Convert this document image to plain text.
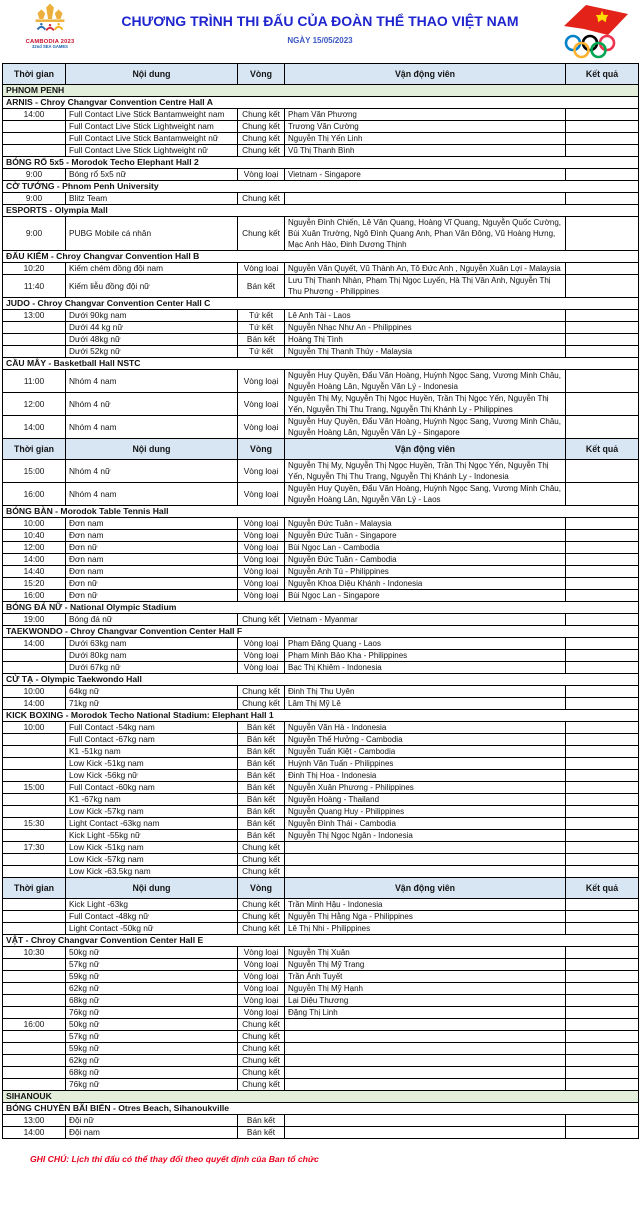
CAMBODIA 2023
32nd SEA GAMES
CHƯƠNG TRÌNH THI ĐẤU CỦA ĐOÀN THỂ THAO VIỆT NAM
NGÀY 15/05/2023
Thời gian	Nội dung	Vòng	Vận động viên	Kết quả
PHNOM PENH				
ARNIS - Chroy Changvar Convention Centre Hall A				
14:00	Full Contact Live Stick Bantamweight nam	Chung kết	Phạm Văn Phương	
	Full Contact Live Stick Lightweight nam	Chung kết	Trương Văn Cường	
	Full Contact Live Stick Bantamweight nữ	Chung kết	Nguyễn Thị Yến Linh	
	Full Contact Live Stick Lightweight nữ	Chung kết	Vũ Thị Thanh Bình	
BÓNG RỔ 5x5 - Morodok Techo Elephant Hall 2				
9:00	Bóng rổ 5x5 nữ	Vòng loại	Vietnam - Singapore	
CỜ TƯỚNG - Phnom Penh University				
9:00	Blitz Team	Chung kết		
ESPORTS - Olympia Mall				
9:00	PUBG Mobile cá nhân	Chung kết	Nguyễn Đình Chiến, Lê Văn Quang, Hoàng Vĩ Quang, Nguyễn Quốc Cường, Bùi Xuân Trường, Ngô Đình Quang Anh, Phan Văn Đông, Vũ Hoàng Hưng, Mạc Anh Hào, Đinh Dương Thịnh	
ĐẤU KIẾM - Chroy Changvar Convention Hall B				
10:20	Kiếm chém đồng đội nam	Vòng loại	Nguyễn Văn Quyết, Vũ Thành An, Tô Đức Anh , Nguyễn Xuân Lợi - Malaysia	
11:40	Kiếm liễu đồng đội nữ	Bán kết	Lưu Thị Thanh Nhàn, Phạm Thị Ngọc Luyến, Hà Thị Vân Anh, Nguyễn Thị Thu Phương - Philippines	
JUDO - Chroy Changvar Convention Center Hall C				
13:00	Dưới 90kg nam	Tứ kết	Lê Anh Tài - Laos	
	Dưới 44 kg nữ	Tứ kết	Nguyễn Nhạc Như An - Philippines	
	Dưới 48kg nữ	Bán kết	Hoàng Thị Tình	
	Dưới 52kg nữ	Tứ kết	Nguyễn Thị Thanh Thúy - Malaysia	
CẦU MÂY - Basketball Hall NSTC				
11:00	Nhóm 4 nam	Vòng loại	Nguyễn Huy Quyền, Đẩu Văn Hoàng, Huỳnh Ngọc Sang, Vương Minh Châu, Nguyễn Hoàng Lân, Nguyễn Văn Lý - Indonesia	
12:00	Nhóm 4 nữ	Vòng loại	Nguyễn Thị My, Nguyễn Thị Ngọc Huyền, Trần Thị Ngọc Yến, Nguyễn Thị Yến, Nguyễn Thị Thu Trang, Nguyễn Thị Khánh Ly - Philippines	
14:00	Nhóm 4 nam	Vòng loại	Nguyễn Huy Quyền, Đẩu Văn Hoàng, Huỳnh Ngọc Sang, Vương Minh Châu, Nguyễn Hoàng Lân, Nguyễn Văn Lý - Singapore	
Thời gian	Nội dung	Vòng	Vận động viên	Kết quả
15:00	Nhóm 4 nữ	Vòng loại	Nguyễn Thị My, Nguyễn Thị Ngọc Huyền, Trần Thị Ngọc Yến, Nguyễn Thị Yến, Nguyễn Thị Thu Trang, Nguyễn Thị Khánh Ly - Indonesia	
16:00	Nhóm 4 nam	Vòng loại	Nguyễn Huy Quyền, Đẩu Văn Hoàng, Huỳnh Ngọc Sang, Vương Minh Châu, Nguyễn Hoàng Lân, Nguyễn Văn Lý - Laos	
BÓNG BÀN - Morodok Table Tennis Hall				
10:00	Đơn nam	Vòng loại	Nguyễn Đức Tuân - Malaysia	
10:40	Đơn nam	Vòng loại	Nguyễn Đức Tuân - Singapore	
12:00	Đơn nữ	Vòng loại	Bùi Ngọc Lan - Cambodia	
14:00	Đơn nam	Vòng loại	Nguyễn Đức Tuân - Cambodia	
14:40	Đơn nam	Vòng loại	Nguyễn Anh Tú - Philippines	
15:20	Đơn nữ	Vòng loại	Nguyễn Khoa Diệu Khánh - Indonesia	
16:00	Đơn nữ	Vòng loại	Bùi Ngọc Lan - Singapore	
BÓNG ĐÁ NỮ - National Olympic Stadium				
19:00	Bóng đá nữ	Chung kết	Vietnam - Myanmar	
TAEKWONDO - Chroy Changvar Convention Center Hall F				
14:00	Dưới 63kg nam	Vòng loại	Phạm Đăng Quang - Laos	
	Dưới 80kg nam	Vòng loại	Phạm Minh Bảo Kha - Philippines	
	Dưới 67kg nữ	Vòng loại	Bạc Thị Khiêm - Indonesia	
CỬ TẠ - Olympic Taekwondo Hall				
10:00	64kg nữ	Chung kết	Đinh Thị Thu Uyên	
14:00	71kg nữ	Chung kết	Lâm Thị Mỹ Lê	
KICK BOXING - Morodok Techo National Stadium: Elephant Hall 1				
10:00	Full Contact -54kg nam	Bán kết	Nguyễn Văn Hà - Indonesia	
	Full Contact -67kg nam	Bán kết	Nguyễn Thế Hưởng - Cambodia	
	K1 -51kg nam	Bán kết	Nguyễn Tuấn Kiệt - Cambodia	
	Low Kick -51kg nam	Bán kết	Huỳnh Văn Tuấn - Philippines	
	Low Kick -56kg nữ	Bán kết	Đinh Thị Hoa - Indonesia	
15:00	Full Contact -60kg nam	Bán kết	Nguyễn Xuân Phương - Philippines	
	K1 -67kg nam	Bán kết	Nguyễn Hoàng - Thailand	
	Low Kick -57kg nam	Bán kết	Nguyễn Quang Huy - Philippines	
15:30	Light Contact -63kg nam	Bán kết	Nguyễn Đình Thái - Cambodia	
	Kick Light -55kg nữ	Bán kết	Nguyễn Thị Ngọc Ngân - Indonesia	
17:30	Low Kick -51kg nam	Chung kết		
	Low Kick -57kg nam	Chung kết		
	Low Kick -63.5kg nam	Chung kết		
Thời gian	Nội dung	Vòng	Vận động viên	Kết quả
	Kick Light -63kg	Chung kết	Trần Minh Hậu - Indonesia	
	Full Contact -48kg nữ	Chung kết	Nguyễn Thị Hằng Nga - Philippines	
	Light Contact -50kg nữ	Chung kết	Lê Thị Nhi - Philippines	
VẬT - Chroy Changvar Convention Center Hall E				
10:30	50kg nữ	Vòng loại	Nguyễn Thị Xuân	
	57kg nữ	Vòng loại	Nguyễn Thị Mỹ Trang	
	59kg nữ	Vòng loại	Trần Ánh Tuyết	
	62kg nữ	Vòng loại	Nguyễn Thị Mỹ Hạnh	
	68kg nữ	Vòng loại	Lại Diệu Thương	
	76kg nữ	Vòng loại	Đặng Thị Linh	
16:00	50kg nữ	Chung kết		
	57kg nữ	Chung kết		
	59kg nữ	Chung kết		
	62kg nữ	Chung kết		
	68kg nữ	Chung kết		
	76kg nữ	Chung kết		
SIHANOUK				
BÓNG CHUYỀN BÃI BIỂN - Otres Beach, Sihanoukville				
13:00	Đội nữ	Bán kết		
14:00	Đội nam	Bán kết		
GHI CHÚ: Lịch thi đấu có thể thay đổi theo quyết định của Ban tổ chức
